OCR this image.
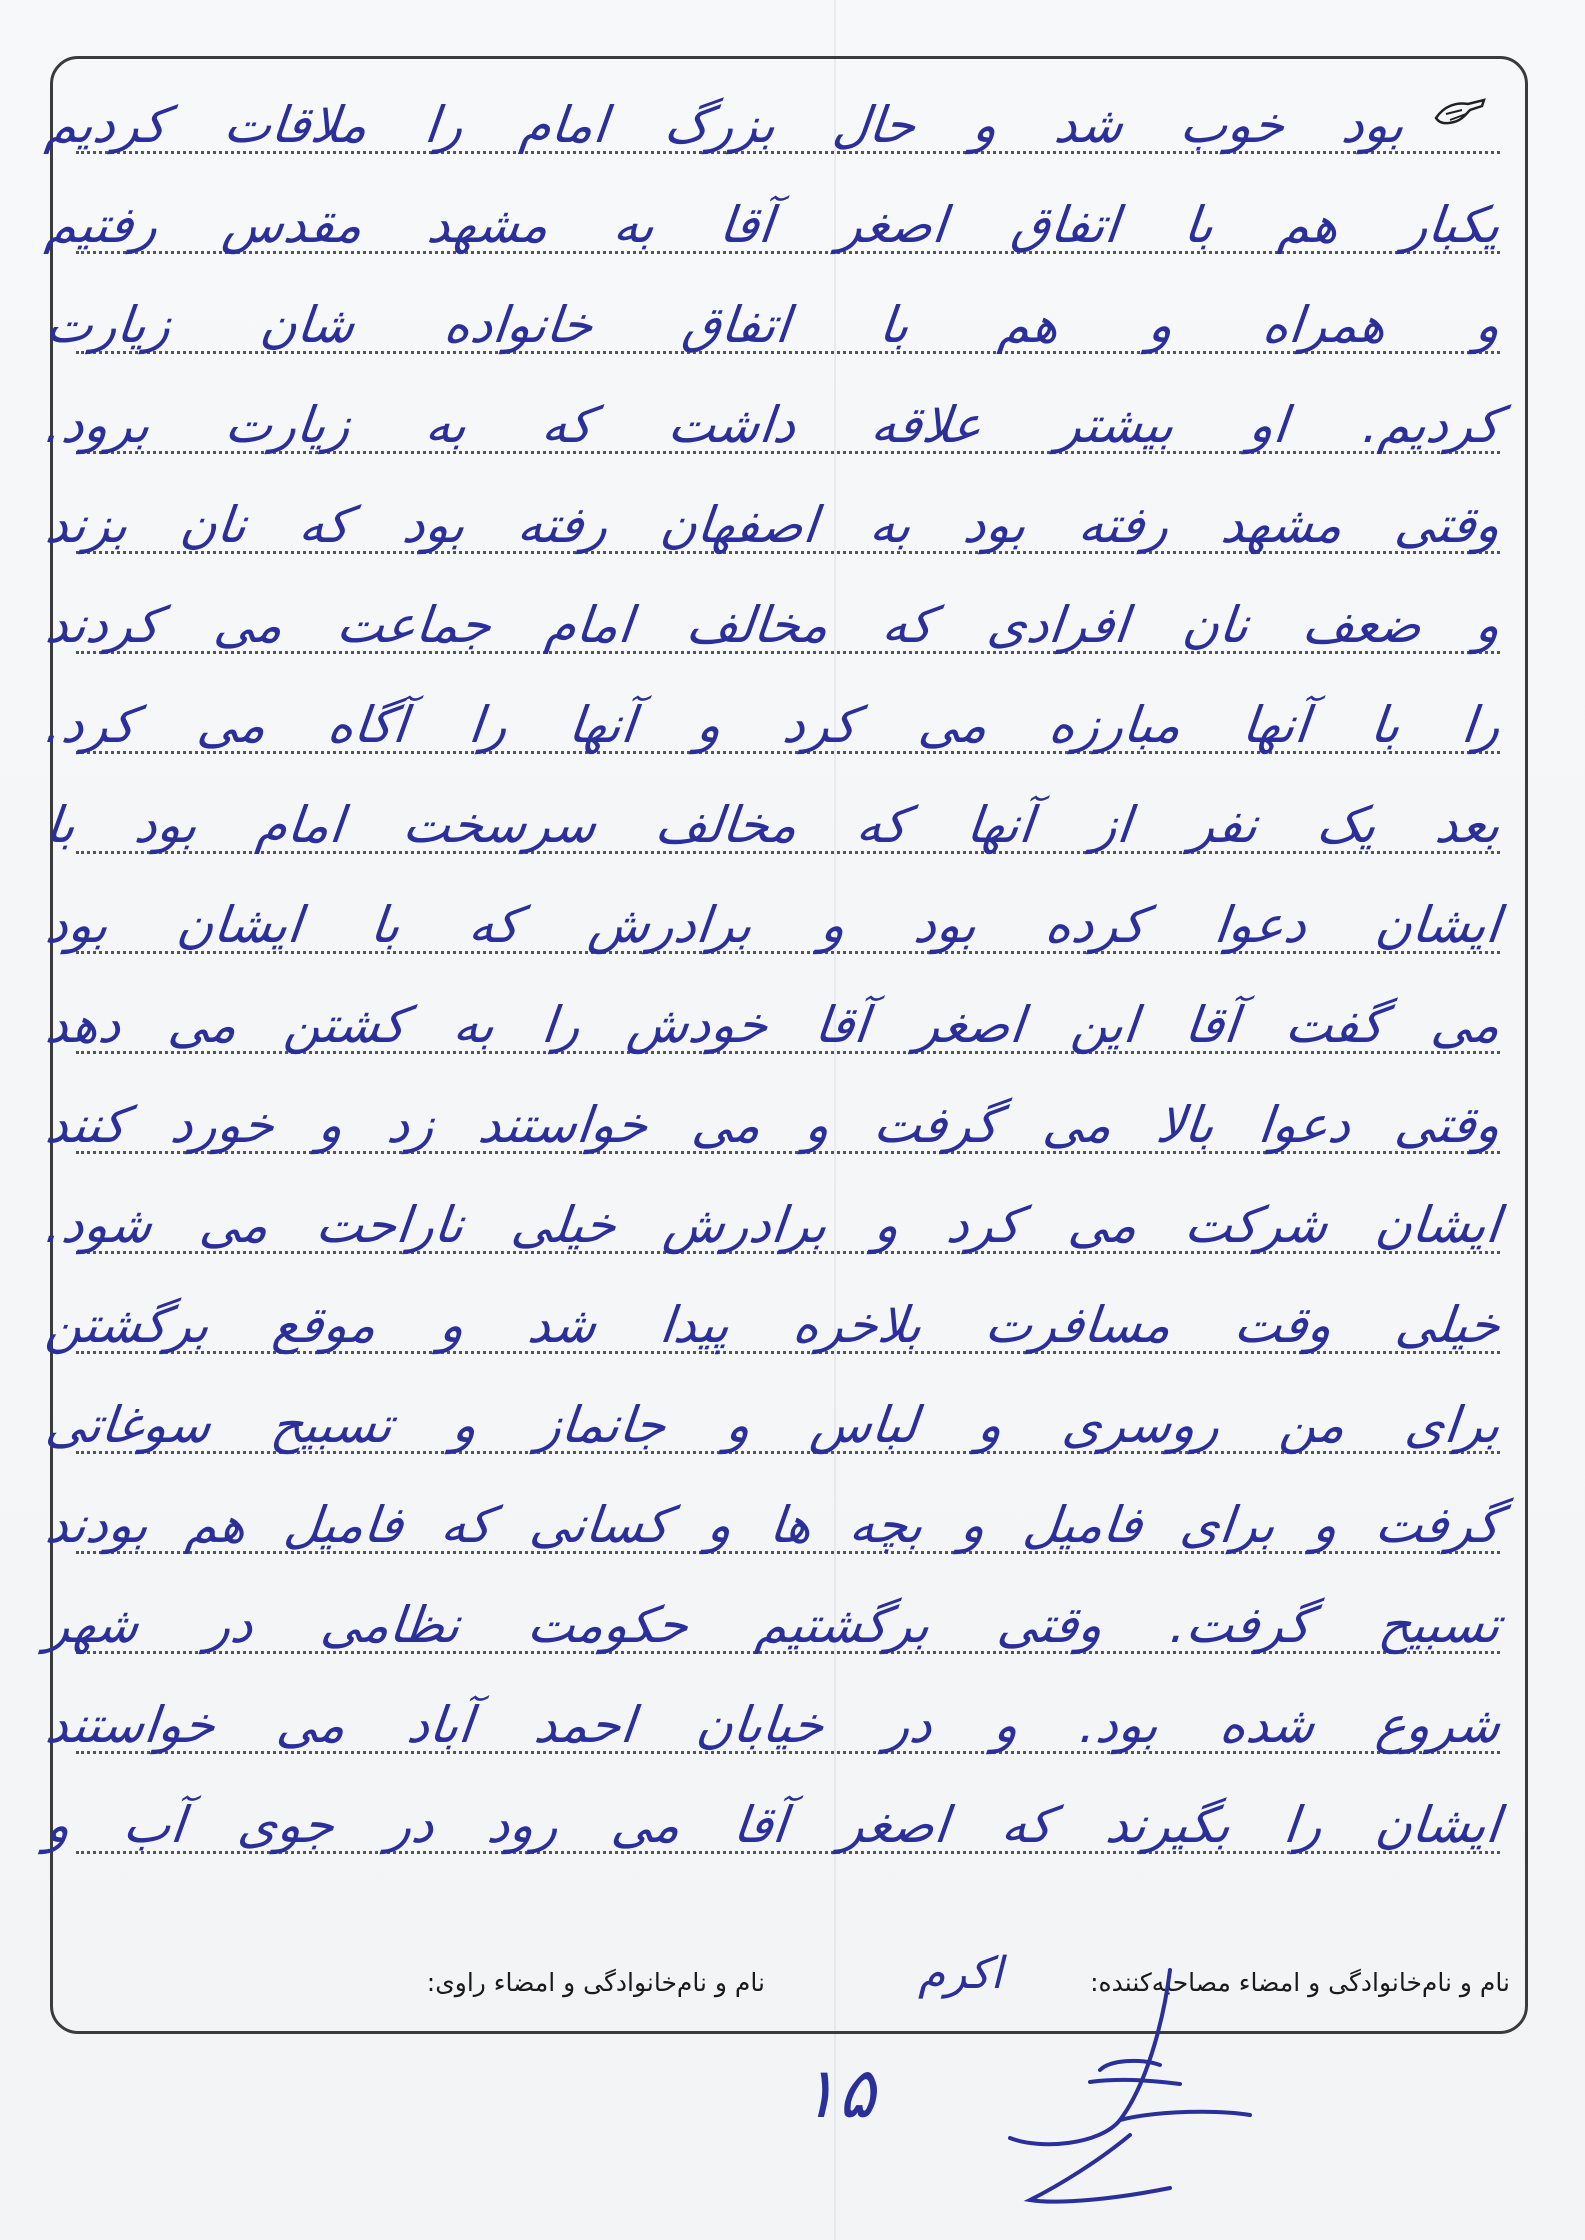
بود خوب شد و حال بزرگ امام را ملاقات کردیم
یکبار هم با اتفاق اصغر آقا به مشهد مقدس رفتیم
و همراه و هم با اتفاق خانواده شان زیارت
کردیم. او بیشتر علاقه داشت که به زیارت برود.
وقتی مشهد رفته بود به اصفهان رفته بود که نان بزند
و ضعف نان افرادی که مخالف امام جماعت می کردند
را با آنها مبارزه می کرد و آنها را آگاه می کرد.
بعد یک نفر از آنها که مخالف سرسخت امام بود با
ایشان دعوا کرده بود و برادرش که با ایشان بود
می گفت آقا این اصغر آقا خودش را به کشتن می دهد
وقتی دعوا بالا می گرفت و می خواستند زد و خورد کنند
ایشان شرکت می کرد و برادرش خیلی ناراحت می شود.
خیلی وقت مسافرت بلاخره پیدا شد و موقع برگشتن
برای من روسری و لباس و جانماز و تسبیح سوغاتی
گرفت و برای فامیل و بچه ها و کسانی که فامیل هم بودند
تسبیح گرفت. وقتی برگشتیم حکومت نظامی در شهر
شروع شده بود. و در خیابان احمد آباد می خواستند
ایشان را بگیرند که اصغر آقا می رود در جوی آب و
نام و نام‌خانوادگی و امضاء مصاحبه‌کننده:
نام و نام‌خانوادگی و امضاء راوی:	اکرم
۱۵
